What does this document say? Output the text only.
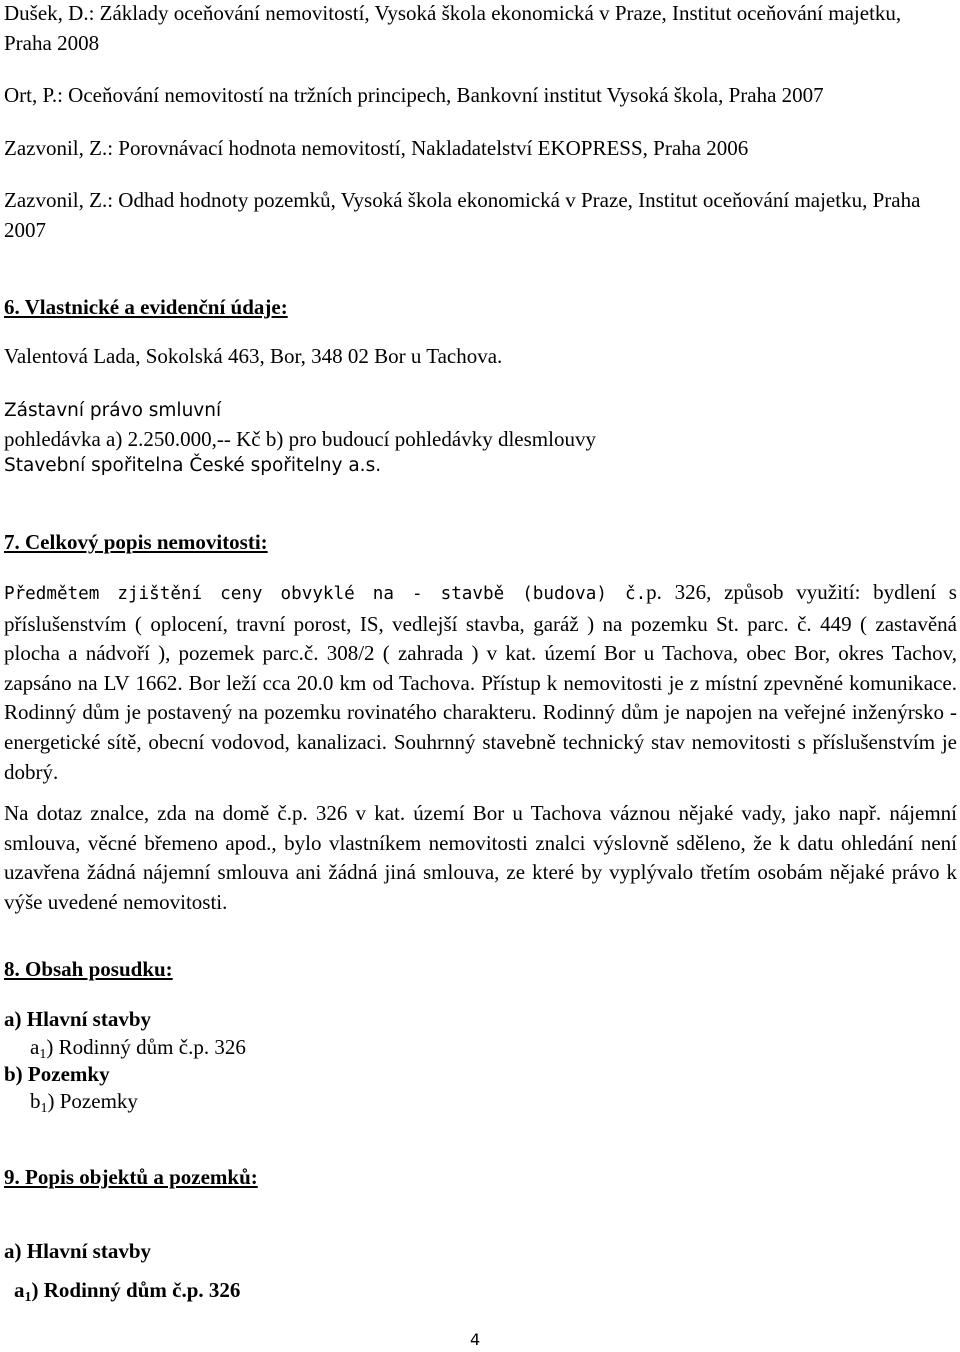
Dušek, D.: Základy oceňování nemovitostí, Vysoká škola ekonomická v Praze, Institut oceňování majetku, Praha 2008

Ort, P.: Oceňování nemovitostí na tržních principech, Bankovní institut Vysoká škola, Praha 2007

Zazvonil, Z.: Porovnávací hodnota nemovitostí, Nakladatelství EKOPRESS, Praha 2006

Zazvonil, Z.: Odhad hodnoty pozemků, Vysoká škola ekonomická v Praze, Institut oceňování majetku, Praha 2007

6. Vlastnické a evidenční údaje:

Valentová Lada, Sokolská 463, Bor, 348 02 Bor u Tachova.

Zástavní právo smluvní

pohledávka a) 2.250.000,-- Kč b) pro budoucí pohledávky dlesmlouvy

Stavební spořitelna České spořitelny a.s.

7. Celkový popis nemovitosti:

Předmětem zjištění ceny obvyklé na - stavbě (budova) č.p. 326, způsob využití: bydlení s příslušenstvím ( oplocení, travní porost, IS, vedlejší stavba, garáž ) na pozemku St. parc. č. 449 ( zastavěná plocha a nádvoří ), pozemek parc.č. 308/2 ( zahrada ) v kat. území Bor u Tachova, obec Bor, okres Tachov, zapsáno na LV 1662. Bor leží cca 20.0 km od Tachova. Přístup k nemovitosti je z místní zpevněné komunikace. Rodinný dům je postavený na pozemku rovinatého charakteru. Rodinný dům je napojen na veřejné inženýrsko - energetické sítě, obecní vodovod, kanalizaci. Souhrnný stavebně technický stav nemovitosti s příslušenstvím je dobrý.

Na dotaz znalce, zda na domě č.p. 326 v kat. území Bor u Tachova váznou nějaké vady, jako např. nájemní smlouva, věcné břemeno apod., bylo vlastníkem nemovitosti znalci výslovně sděleno, že k datu ohledání není uzavřena žádná nájemní smlouva ani žádná jiná smlouva, ze které by vyplývalo třetím osobám nějaké právo k výše uvedené nemovitosti.

8. Obsah posudku:

a) Hlavní stavby

$a_1$) Rodinný dům č.p. 326

b) Pozemky

$b_1$) Pozemky

9. Popis objektů a pozemků:

a) Hlavní stavby

$a_1$) Rodinný dům č.p. 326

4
